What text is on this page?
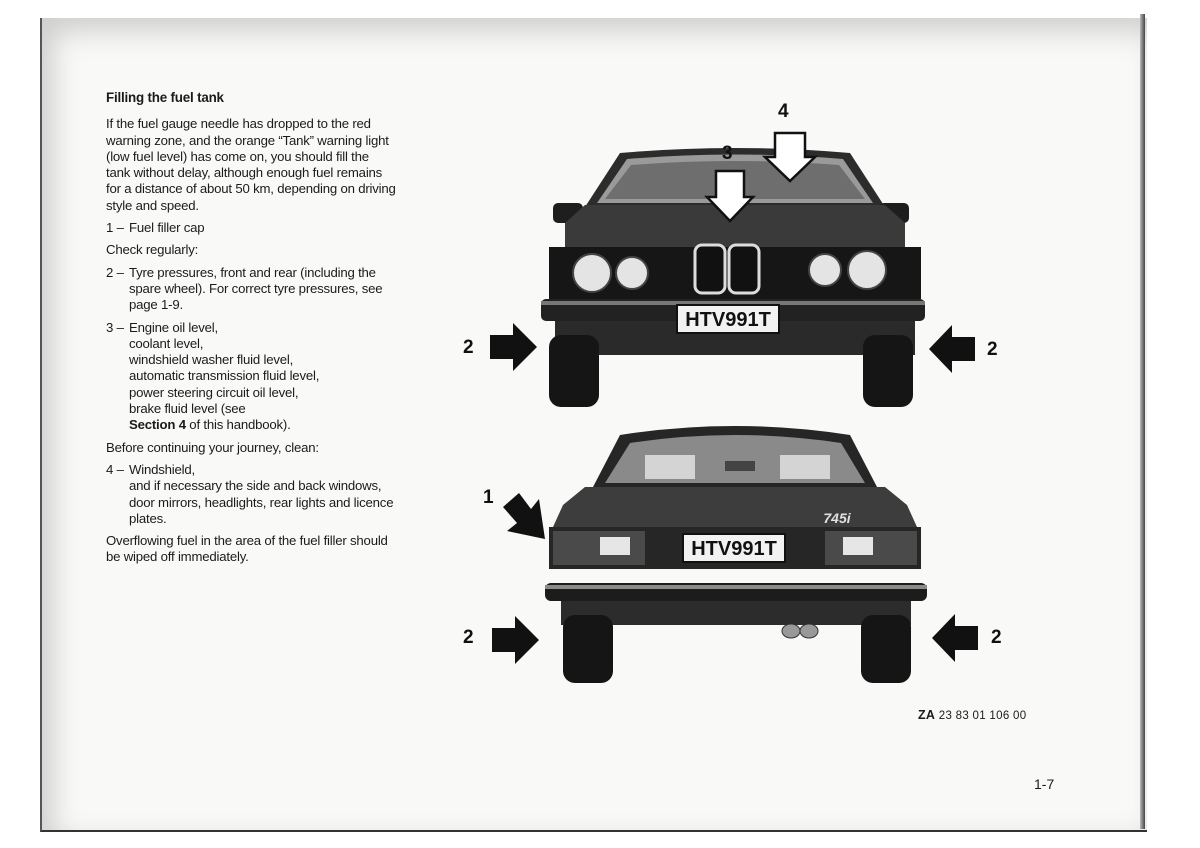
Filling the fuel tank
If the fuel gauge needle has dropped to the red warning zone, and the orange “Tank” warning light (low fuel level) has come on, you should fill the tank without delay, although enough fuel remains for a distance of about 50 km, depending on driving style and speed.
1 – Fuel filler cap
Check regularly:
2 – Tyre pressures, front and rear (including the spare wheel). For correct tyre pressures, see page 1-9.
3 – Engine oil level,
coolant level,
windshield washer fluid level,
automatic transmission fluid level,
power steering circuit oil level,
brake fluid level (see
Section 4 of this handbook).
Before continuing your journey, clean:
4 – Windshield,
and if necessary the side and back windows, door mirrors, headlights, rear lights and licence plates.
Overflowing fuel in the area of the fuel filler should be wiped off immediately.
HTV991T
745i
HTV991T
4
3
2	2
1
2	2
ZA 23 83 01 106 00
1-7
